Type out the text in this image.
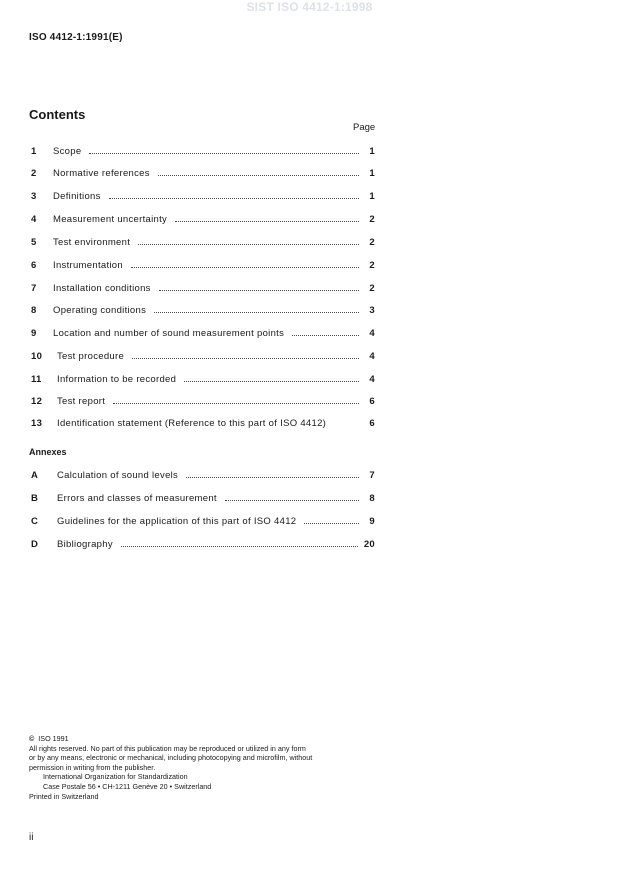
SIST ISO 4412-1:1998
ISO 4412-1:1991(E)
Contents
Page
1	Scope	1
2	Normative references	1
3	Definitions	1
4	Measurement uncertainty	2
5	Test environment	2
6	Instrumentation	2
7	Installation conditions	2
8	Operating conditions	3
9	Location and number of sound measurement points	4
10	Test procedure	4
11	Information to be recorded	4
12	Test report	6
13	Identification statement (Reference to this part of ISO 4412)	6
Annexes
A	Calculation of sound levels	7
B	Errors and classes of measurement	8
C	Guidelines for the application of this part of ISO 4412	9
D	Bibliography	20
© ISO 1991
All rights reserved. No part of this publication may be reproduced or utilized in any form
or by any means, electronic or mechanical, including photocopying and microfilm, without
permission in writing from the publisher.
International Organization for Standardization
Case Postale 56 • CH-1211 Genève 20 • Switzerland
Printed in Switzerland
ii
